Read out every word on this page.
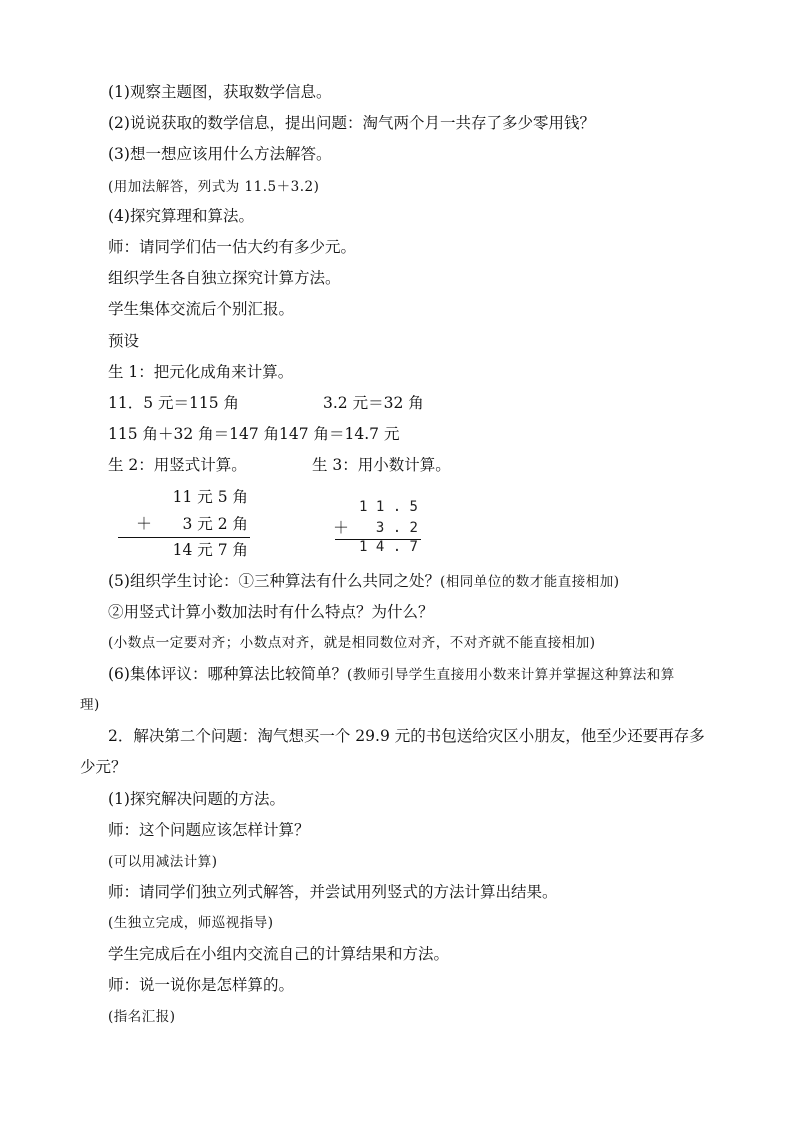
(1)观察主题图，获取数学信息。
(2)说说获取的数学信息，提出问题：淘气两个月一共存了多少零用钱？
(3)想一想应该用什么方法解答。
(用加法解答，列式为 11.5＋3.2)
(4)探究算理和算法。
师：请同学们估一估大约有多少元。
组织学生各自独立探究计算方法。
学生集体交流后个别汇报。
预设
生 1：把元化成角来计算。
11．5 元＝115 角	3.2 元＝32 角
115 角＋32 角＝147 角 147 角＝14.7 元
生 2：用竖式计算。	生 3：用小数计算。
11 元 5 角
＋	3 元 2 角
14 元 7 角
1 1 . 5
＋	3 . 2
1 4 . 7
(5)组织学生讨论：①三种算法有什么共同之处？(相同单位的数才能直接相加)
②用竖式计算小数加法时有什么特点？为什么？
(小数点一定要对齐；小数点对齐，就是相同数位对齐，不对齐就不能直接相加)
(6)集体评议：哪种算法比较简单？(教师引导学生直接用小数来计算并掌握这种算法和算
理)
2．解决第二个问题：淘气想买一个 29.9 元的书包送给灾区小朋友，他至少还要再存多
少元？
(1)探究解决问题的方法。
师：这个问题应该怎样计算？
(可以用减法计算)
师：请同学们独立列式解答，并尝试用列竖式的方法计算出结果。
(生独立完成，师巡视指导)
学生完成后在小组内交流自己的计算结果和方法。
师：说一说你是怎样算的。
(指名汇报)
